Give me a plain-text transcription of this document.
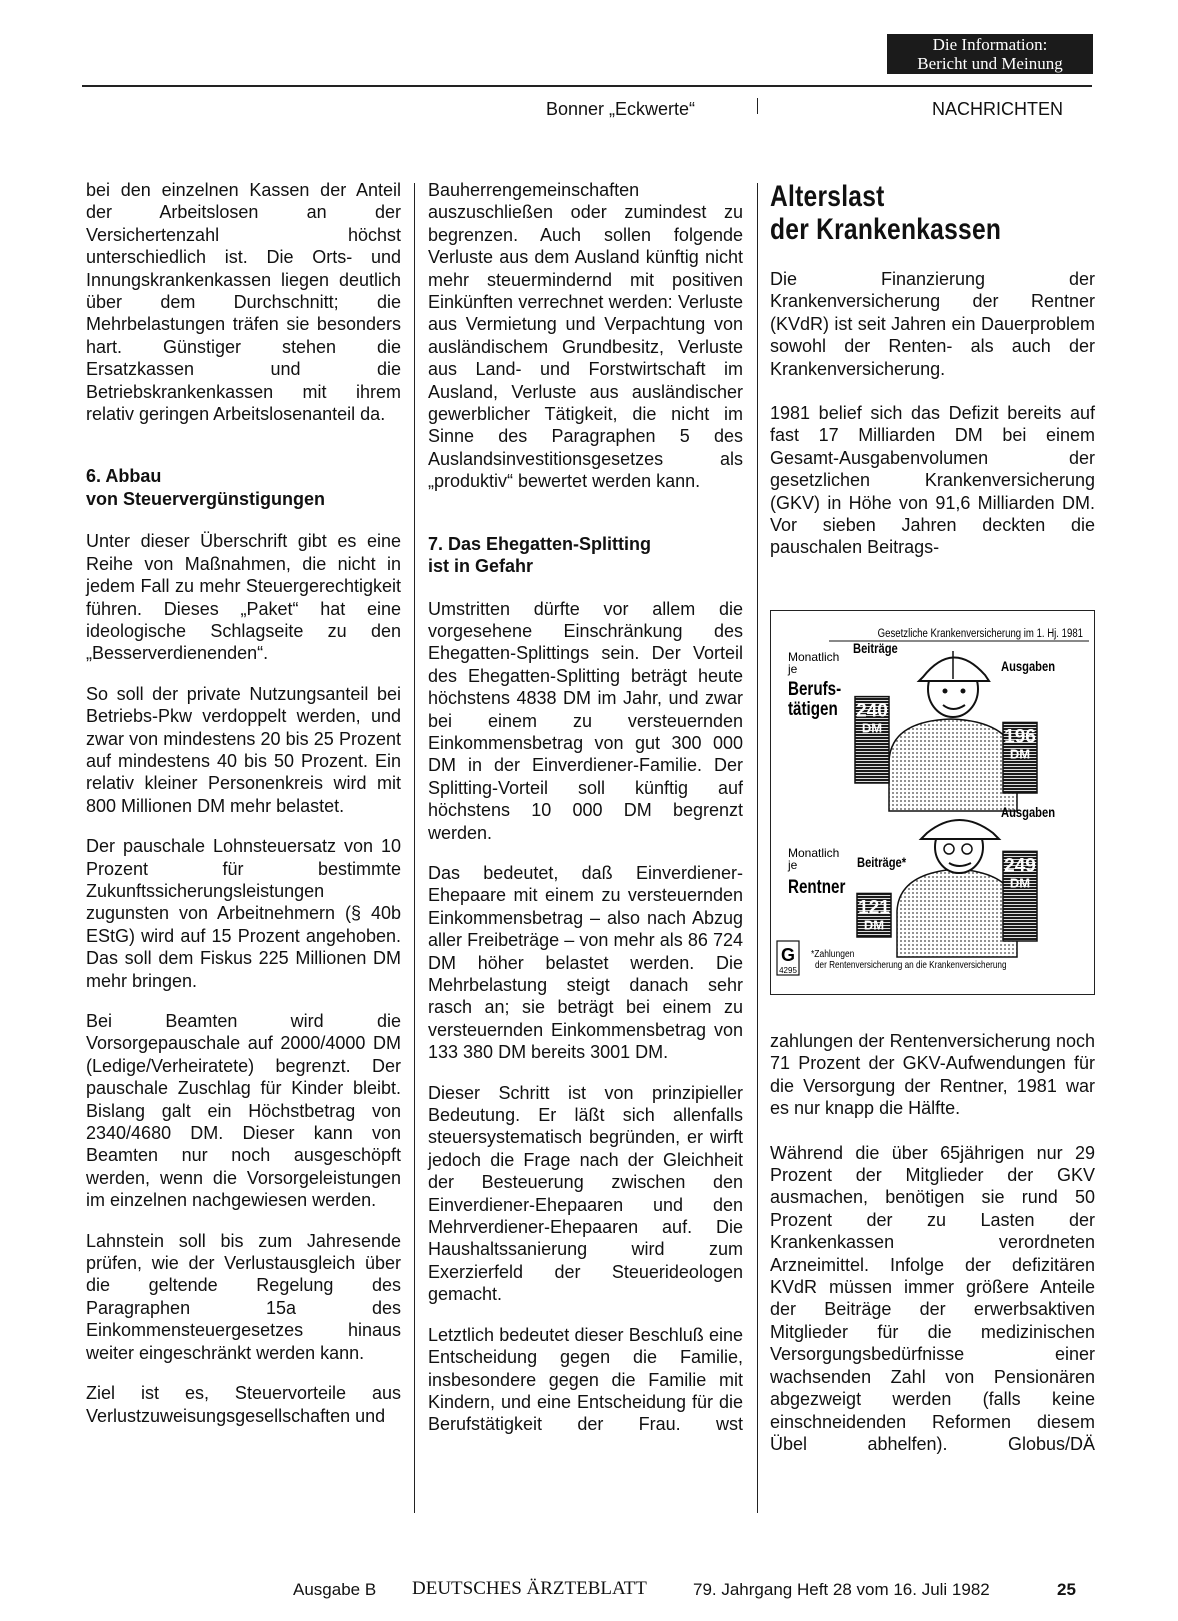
Die Information:
Bericht und Meinung
Bonner „Eckwerte“	NACHRICHTEN

bei den einzelnen Kassen der Anteil der Arbeitslosen an der Versichertenzahl höchst unterschiedlich ist. Die Orts- und Innungskrankenkassen liegen deutlich über dem Durchschnitt; die Mehrbelastungen träfen sie besonders hart. Günstiger stehen die Ersatzkassen und die Betriebskrankenkassen mit ihrem relativ geringen Arbeitslosenanteil da.

6. Abbau
von Steuervergünstigungen

Unter dieser Überschrift gibt es eine Reihe von Maßnahmen, die nicht in jedem Fall zu mehr Steuergerechtigkeit führen. Dieses „Paket“ hat eine ideologische Schlagseite zu den „Besserverdienenden“.

So soll der private Nutzungsanteil bei Betriebs-Pkw verdoppelt werden, und zwar von mindestens 20 bis 25 Prozent auf mindestens 40 bis 50 Prozent. Ein relativ kleiner Personenkreis wird mit 800 Millionen DM mehr belastet.

Der pauschale Lohnsteuersatz von 10 Prozent für bestimmte Zukunftssicherungsleistungen zugunsten von Arbeitnehmern (§ 40b EStG) wird auf 15 Prozent angehoben. Das soll dem Fiskus 225 Millionen DM mehr bringen.

Bei Beamten wird die Vorsorgepauschale auf 2000/4000 DM (Ledige/Verheiratete) begrenzt. Der pauschale Zuschlag für Kinder bleibt. Bislang galt ein Höchstbetrag von 2340/4680 DM. Dieser kann von Beamten nur noch ausgeschöpft werden, wenn die Vorsorgeleistungen im einzelnen nachgewiesen werden.

Lahnstein soll bis zum Jahresende prüfen, wie der Verlustausgleich über die geltende Regelung des Paragraphen 15a des Einkommensteuergesetzes hinaus weiter eingeschränkt werden kann.

Ziel ist es, Steuervorteile aus Verlustzuweisungsgesellschaften und

Bauherrengemeinschaften auszuschließen oder zumindest zu begrenzen. Auch sollen folgende Verluste aus dem Ausland künftig nicht mehr steuermindernd mit positiven Einkünften verrechnet werden: Verluste aus Vermietung und Verpachtung von ausländischem Grundbesitz, Verluste aus Land- und Forstwirtschaft im Ausland, Verluste aus ausländischer gewerblicher Tätigkeit, die nicht im Sinne des Paragraphen 5 des Auslandsinvestitionsgesetzes als „produktiv“ bewertet werden kann.

7. Das Ehegatten-Splitting
ist in Gefahr

Umstritten dürfte vor allem die vorgesehene Einschränkung des Ehegatten-Splittings sein. Der Vorteil des Ehegatten-Splitting beträgt heute höchstens 4838 DM im Jahr, und zwar bei einem zu versteuernden Einkommensbetrag von gut 300 000 DM in der Einverdiener-Familie. Der Splitting-Vorteil soll künftig auf höchstens 10 000 DM begrenzt werden.

Das bedeutet, daß Einverdiener-Ehepaare mit einem zu versteuernden Einkommensbetrag – also nach Abzug aller Freibeträge – von mehr als 86 724 DM höher belastet werden. Die Mehrbelastung steigt danach sehr rasch an; sie beträgt bei einem zu versteuernden Einkommensbetrag von 133 380 DM bereits 3001 DM.

Dieser Schritt ist von prinzipieller Bedeutung. Er läßt sich allenfalls steuersystematisch begründen, er wirft jedoch die Frage nach der Gleichheit der Besteuerung zwischen den Einverdiener-Ehepaaren und den Mehrverdiener-Ehepaaren auf. Die Haushaltssanierung wird zum Exerzierfeld der Steuerideologen gemacht.

Letztlich bedeutet dieser Beschluß eine Entscheidung gegen die Familie, insbesondere gegen die Familie mit Kindern, und eine Entscheidung für die Berufstätigkeit der Frau. wst

Alterslast
der Krankenkassen

Die Finanzierung der Krankenversicherung der Rentner (KVdR) ist seit Jahren ein Dauerproblem sowohl der Renten- als auch der Krankenversicherung.

1981 belief sich das Defizit bereits auf fast 17 Milliarden DM bei einem Gesamt-Ausgabenvolumen der gesetzlichen Krankenversicherung (GKV) in Höhe von 91,6 Milliarden DM. Vor sieben Jahren deckten die pauschalen Beitrags-

Gesetzliche Krankenversicherung im 1. Hj. 1981
Monatlich
je
Berufs-
tätigen
Monatlich
je
Rentner
Beiträge
Ausgaben
Ausgaben
Beiträge*
240
DM	196
DM
121
DM
249
DM
G
4295
*Zahlungen
der Rentenversicherung an die Krankenversicherung

zahlungen der Rentenversicherung noch 71 Prozent der GKV-Aufwendungen für die Versorgung der Rentner, 1981 war es nur knapp die Hälfte.

Während die über 65jährigen nur 29 Prozent der Mitglieder der GKV ausmachen, benötigen sie rund 50 Prozent der zu Lasten der Krankenkassen verordneten Arzneimittel. Infolge der defizitären KVdR müssen immer größere Anteile der Beiträge der erwerbsaktiven Mitglieder für die medizinischen Versorgungsbedürfnisse einer wachsenden Zahl von Pensionären abgezweigt werden (falls keine einschneidenden Reformen diesem Übel abhelfen).	Globus/DÄ

Ausgabe B DEUTSCHES ÄRZTEBLATT	79. Jahrgang Heft 28 vom 16. Juli 1982	25
